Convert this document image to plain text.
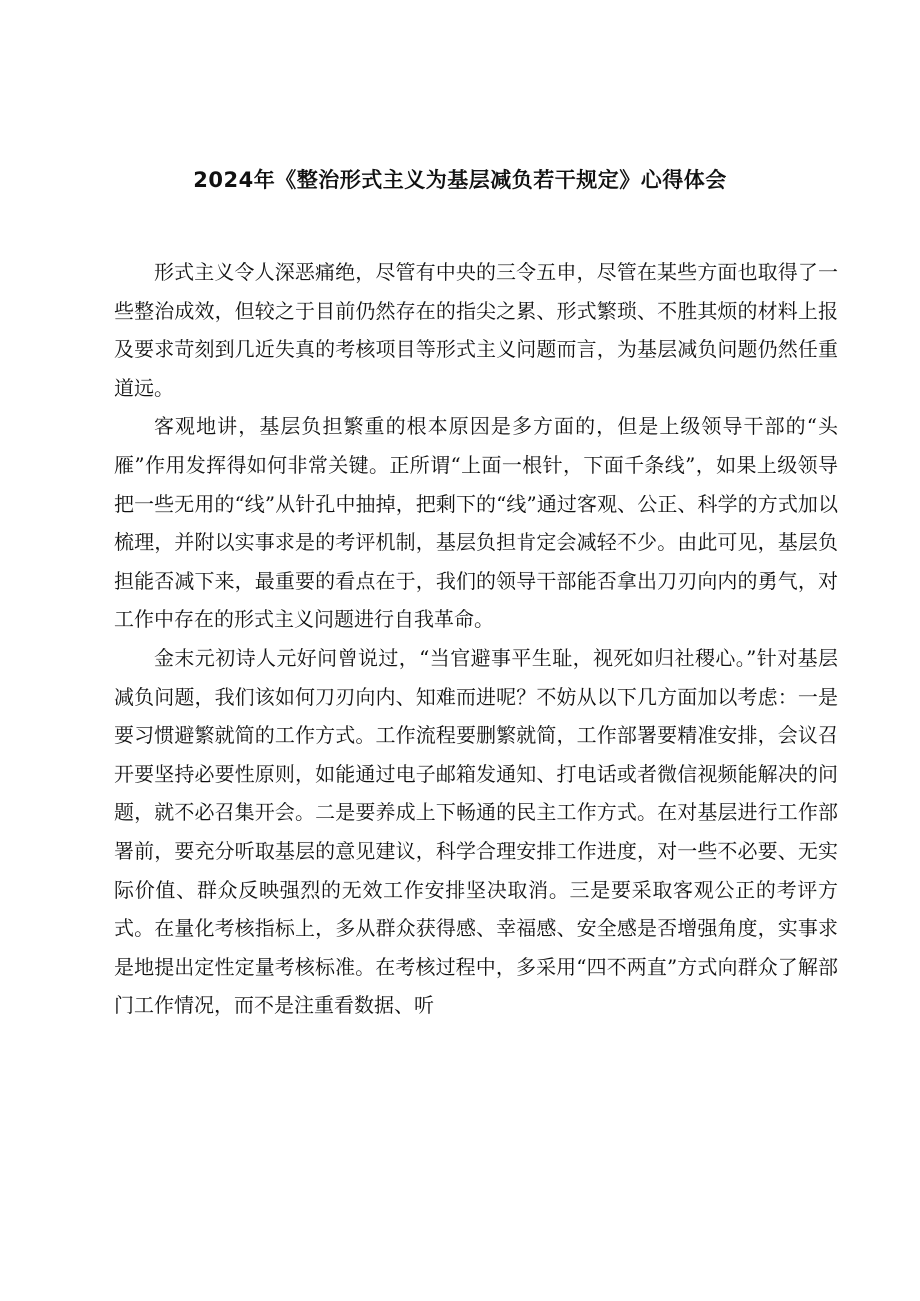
2024年《整治形式主义为基层减负若干规定》心得体会

形式主义令人深恶痛绝，尽管有中央的三令五申，尽管在某些方面也取得了一些整治成效，但较之于目前仍然存在的指尖之累、形式繁琐、不胜其烦的材料上报及要求苛刻到几近失真的考核项目等形式主义问题而言，为基层减负问题仍然任重道远。

客观地讲，基层负担繁重的根本原因是多方面的，但是上级领导干部的“头雁”作用发挥得如何非常关键。正所谓“上面一根针，下面千条线”，如果上级领导把一些无用的“线”从针孔中抽掉，把剩下的“线”通过客观、公正、科学的方式加以梳理，并附以实事求是的考评机制，基层负担肯定会减轻不少。由此可见，基层负担能否减下来，最重要的看点在于，我们的领导干部能否拿出刀刃向内的勇气，对工作中存在的形式主义问题进行自我革命。

金末元初诗人元好问曾说过，“当官避事平生耻，视死如归社稷心。”针对基层减负问题，我们该如何刀刃向内、知难而进呢？不妨从以下几方面加以考虑：一是要习惯避繁就简的工作方式。工作流程要删繁就简，工作部署要精准安排，会议召开要坚持必要性原则，如能通过电子邮箱发通知、打电话或者微信视频能解决的问题，就不必召集开会。二是要养成上下畅通的民主工作方式。在对基层进行工作部署前，要充分听取基层的意见建议，科学合理安排工作进度，对一些不必要、无实际价值、群众反映强烈的无效工作安排坚决取消。三是要采取客观公正的考评方式。在量化考核指标上，多从群众获得感、幸福感、安全感是否增强角度，实事求是地提出定性定量考核标准。在考核过程中，多采用“四不两直”方式向群众了解部门工作情况，而不是注重看数据、听
